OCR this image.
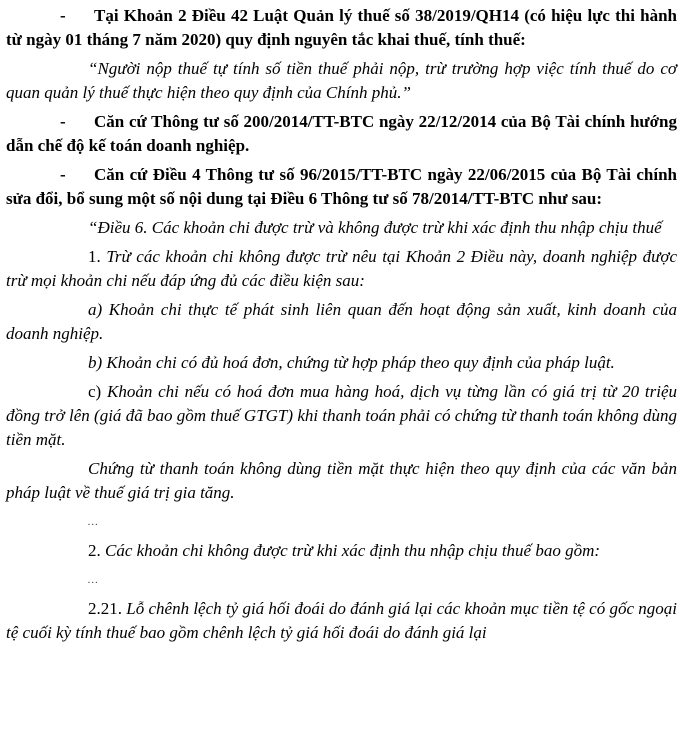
- Tại Khoản 2 Điều 42 Luật Quản lý thuế số 38/2019/QH14 (có hiệu lực thi hành từ ngày 01 tháng 7 năm 2020) quy định nguyên tắc khai thuế, tính thuế:

“Người nộp thuế tự tính số tiền thuế phải nộp, trừ trường hợp việc tính thuế do cơ quan quản lý thuế thực hiện theo quy định của Chính phủ.”

- Căn cứ Thông tư số 200/2014/TT-BTC ngày 22/12/2014 của Bộ Tài chính hướng dẫn chế độ kế toán doanh nghiệp.

- Căn cứ Điều 4 Thông tư số 96/2015/TT-BTC ngày 22/06/2015 của Bộ Tài chính sửa đổi, bổ sung một số nội dung tại Điều 6 Thông tư số 78/2014/TT-BTC như sau:

“Điều 6. Các khoản chi được trừ và không được trừ khi xác định thu nhập chịu thuế

1. Trừ các khoản chi không được trừ nêu tại Khoản 2 Điều này, doanh nghiệp được trừ mọi khoản chi nếu đáp ứng đủ các điều kiện sau:

a) Khoản chi thực tế phát sinh liên quan đến hoạt động sản xuất, kinh doanh của doanh nghiệp.

b) Khoản chi có đủ hoá đơn, chứng từ hợp pháp theo quy định của pháp luật.

c) Khoản chi nếu có hoá đơn mua hàng hoá, dịch vụ từng lần có giá trị từ 20 triệu đồng trở lên (giá đã bao gồm thuế GTGT) khi thanh toán phải có chứng từ thanh toán không dùng tiền mặt.

Chứng từ thanh toán không dùng tiền mặt thực hiện theo quy định của các văn bản pháp luật về thuế giá trị gia tăng.

…

2. Các khoản chi không được trừ khi xác định thu nhập chịu thuế bao gồm:

…

2.21. Lỗ chênh lệch tỷ giá hối đoái do đánh giá lại các khoản mục tiền tệ có gốc ngoại tệ cuối kỳ tính thuế bao gồm chênh lệch tỷ giá hối đoái do đánh giá lại
